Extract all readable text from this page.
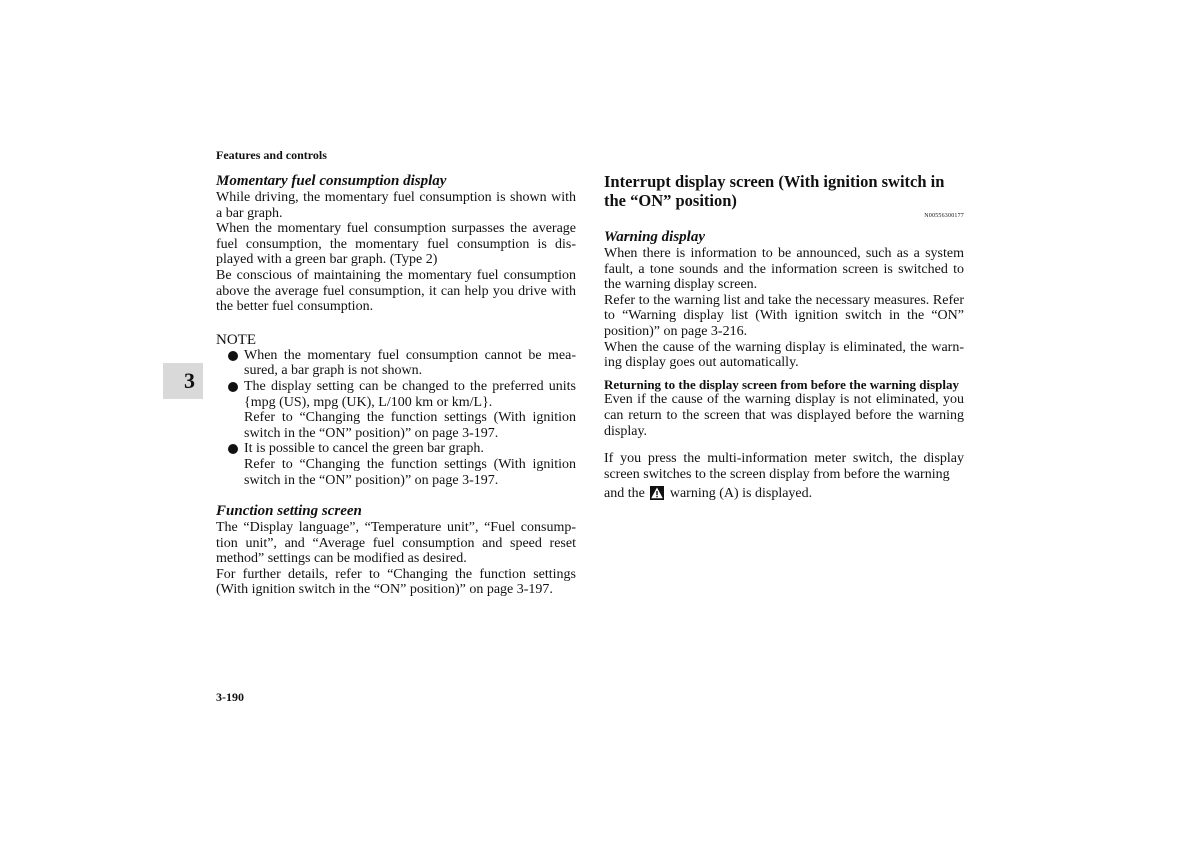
Features and controls
3
Momentary fuel consumption display

While driving, the momentary fuel consumption is shown with a bar graph.

When the momentary fuel consumption surpasses the average fuel consumption, the momentary fuel consumption is dis-played with a green bar graph. (Type 2)

Be conscious of maintaining the momentary fuel consumption above the average fuel consumption, it can help you drive with the better fuel consumption.

NOTE
When the momentary fuel consumption cannot be mea-sured, a bar graph is not shown.
The display setting can be changed to the preferred units {mpg (US), mpg (UK), L/100 km or km/L}.
Refer to “Changing the function settings (With ignition switch in the “ON” position)” on page 3-197.
It is possible to cancel the green bar graph.
Refer to “Changing the function settings (With ignition switch in the “ON” position)” on page 3-197.
Function setting screen

The “Display language”, “Temperature unit”, “Fuel consump-tion unit”, and “Average fuel consumption and speed reset method” settings can be modified as desired.

For further details, refer to “Changing the function settings (With ignition switch in the “ON” position)” on page 3-197.

Interrupt display screen (With ignition switch in the “ON” position)
N00556300177
Warning display

When there is information to be announced, such as a system fault, a tone sounds and the information screen is switched to the warning display screen.

Refer to the warning list and take the necessary measures. Refer to “Warning display list (With ignition switch in the “ON” position)” on page 3-216.

When the cause of the warning display is eliminated, the warn-ing display goes out automatically.

Returning to the display screen from before the warning display

Even if the cause of the warning display is not eliminated, you can return to the screen that was displayed before the warning display.

If you press the multi-information meter switch, the display screen switches to the screen display from before the warning

and the warning (A) is displayed.

3-190
